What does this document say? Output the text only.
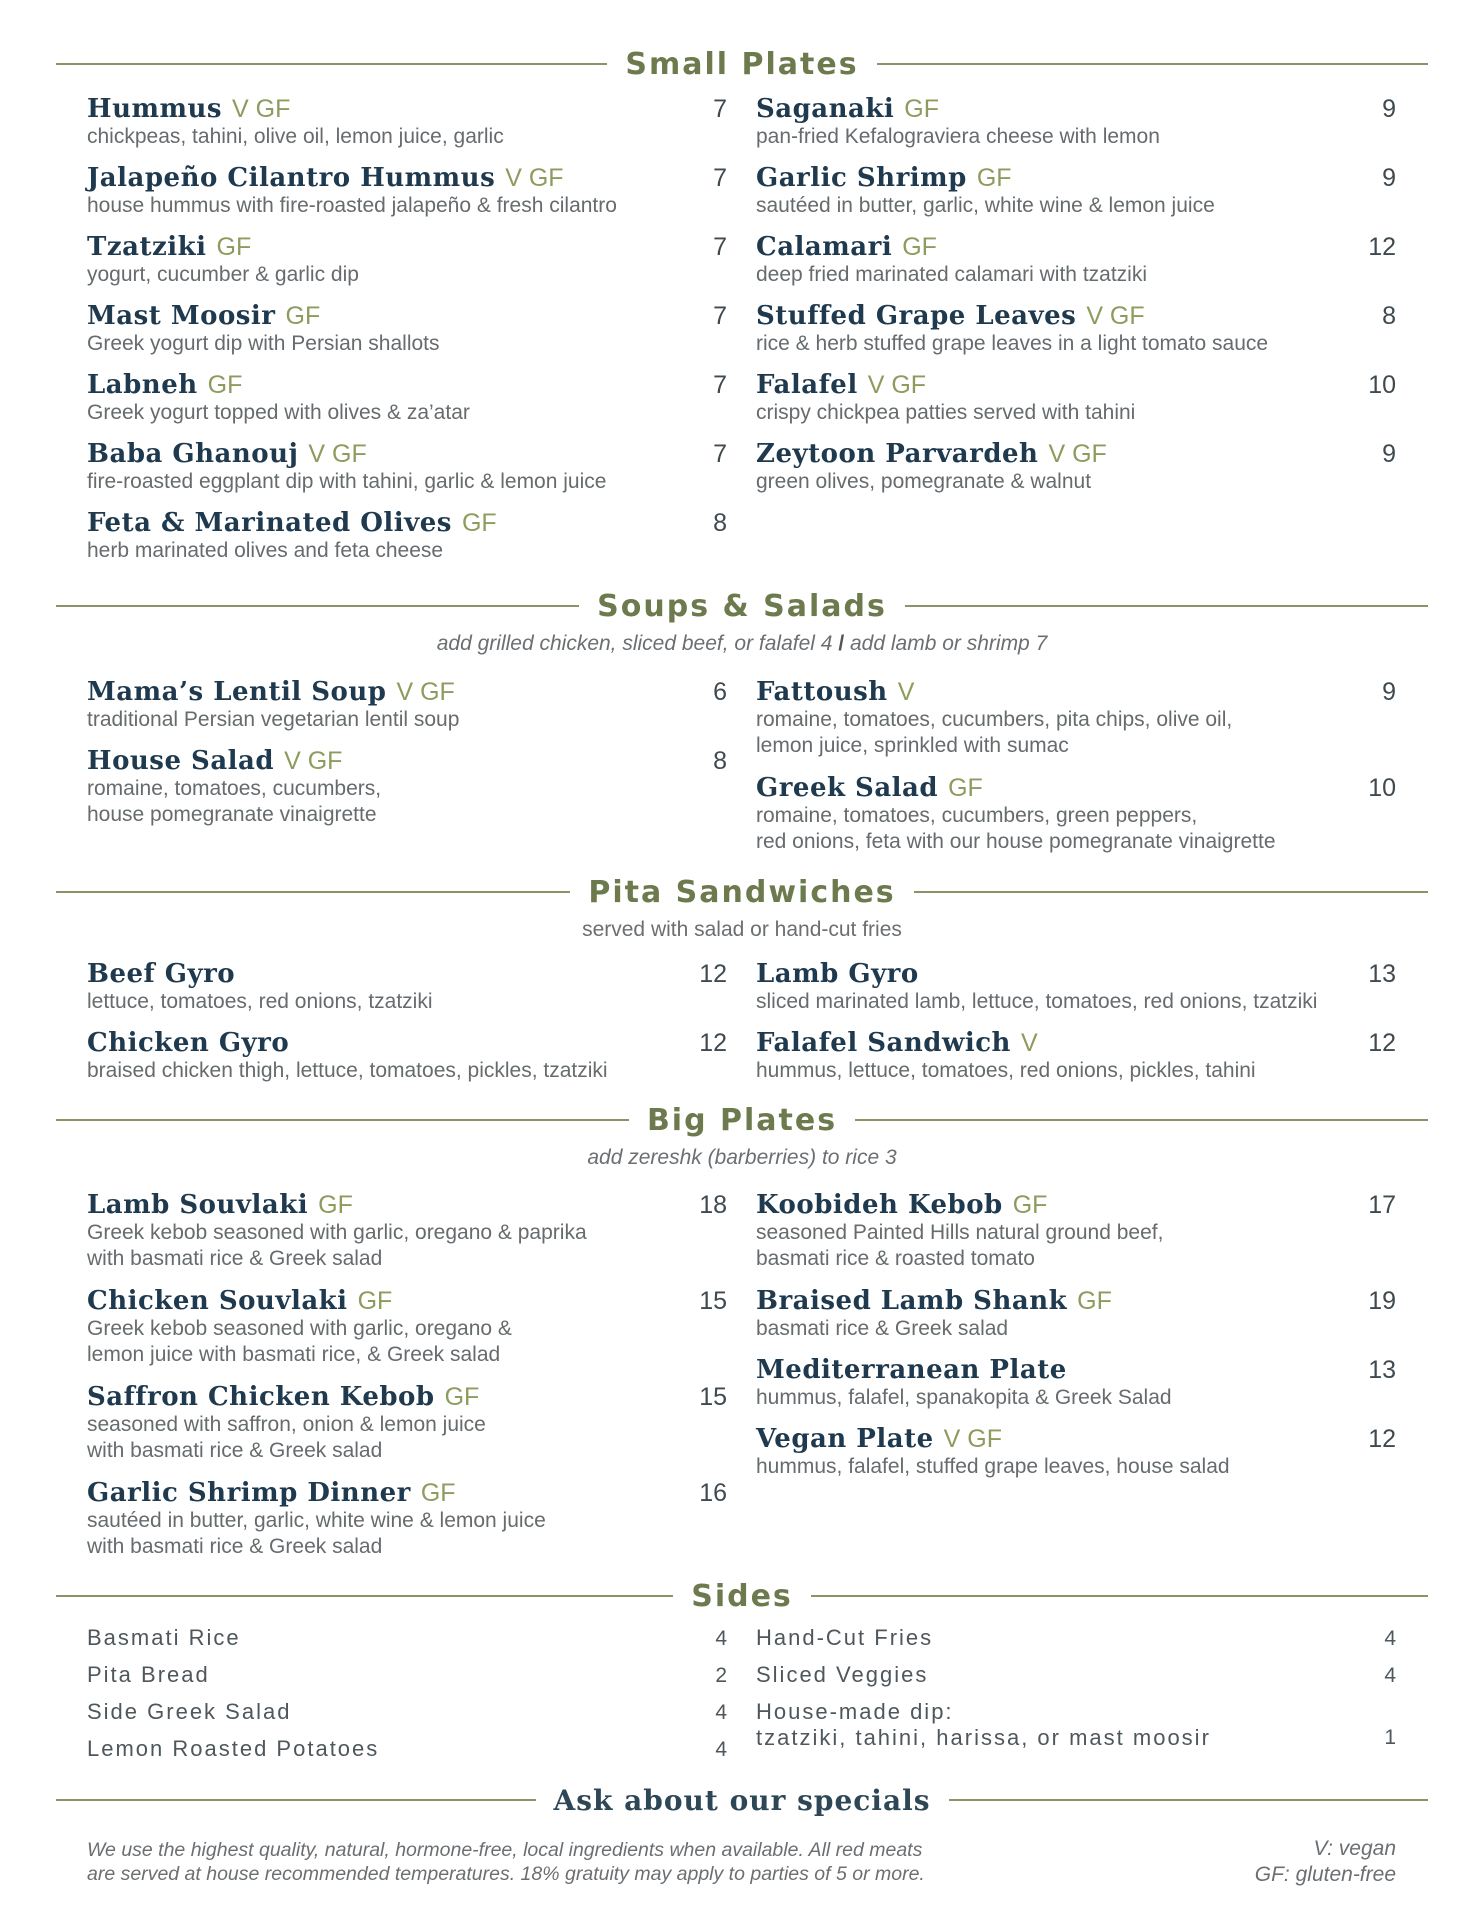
Small Plates
Hummus V GF	7
chickpeas, tahini, olive oil, lemon juice, garlic
Jalapeño Cilantro Hummus V GF	7
house hummus with fire-roasted jalapeño & fresh cilantro
Tzatziki GF	7
yogurt, cucumber & garlic dip
Mast Moosir GF	7
Greek yogurt dip with Persian shallots
Labneh GF	7
Greek yogurt topped with olives & za’atar
Baba Ghanouj V GF	7
fire-roasted eggplant dip with tahini, garlic & lemon juice
Feta & Marinated Olives GF	8
herb marinated olives and feta cheese
Saganaki GF	9
pan-fried Kefalograviera cheese with lemon
Garlic Shrimp GF	9
sautéed in butter, garlic, white wine & lemon juice
Calamari GF	12
deep fried marinated calamari with tzatziki
Stuffed Grape Leaves V GF	8
rice & herb stuffed grape leaves in a light tomato sauce
Falafel V GF	10
crispy chickpea patties served with tahini
Zeytoon Parvardeh V GF	9
green olives, pomegranate & walnut
Soups & Salads
add grilled chicken, sliced beef, or falafel 4 / add lamb or shrimp 7
Mama’s Lentil Soup V GF	6
traditional Persian vegetarian lentil soup
House Salad V GF	8
romaine, tomatoes, cucumbers,
house pomegranate vinaigrette
Fattoush V	9
romaine, tomatoes, cucumbers, pita chips, olive oil,
lemon juice, sprinkled with sumac
Greek Salad GF	10
romaine, tomatoes, cucumbers, green peppers,
red onions, feta with our house pomegranate vinaigrette
Pita Sandwiches
served with salad or hand-cut fries
Beef Gyro	12
lettuce, tomatoes, red onions, tzatziki
Chicken Gyro	12
braised chicken thigh, lettuce, tomatoes, pickles, tzatziki
Lamb Gyro	13
sliced marinated lamb, lettuce, tomatoes, red onions, tzatziki
Falafel Sandwich V	12
hummus, lettuce, tomatoes, red onions, pickles, tahini
Big Plates
add zereshk (barberries) to rice 3
Lamb Souvlaki GF	18
Greek kebob seasoned with garlic, oregano & paprika
with basmati rice & Greek salad
Chicken Souvlaki GF	15
Greek kebob seasoned with garlic, oregano &
lemon juice with basmati rice, & Greek salad
Saffron Chicken Kebob GF	15
seasoned with saffron, onion & lemon juice
with basmati rice & Greek salad
Garlic Shrimp Dinner GF	16
sautéed in butter, garlic, white wine & lemon juice
with basmati rice & Greek salad
Koobideh Kebob GF	17
seasoned Painted Hills natural ground beef,
basmati rice & roasted tomato
Braised Lamb Shank GF	19
basmati rice & Greek salad
Mediterranean Plate	13
hummus, falafel, spanakopita & Greek Salad
Vegan Plate V GF	12
hummus, falafel, stuffed grape leaves, house salad
Sides
Basmati Rice	4
Pita Bread	2
Side Greek Salad	4
Lemon Roasted Potatoes	4
Hand-Cut Fries	4
Sliced Veggies	4
House-made dip:
tzatziki, tahini, harissa, or mast moosir	1
Ask about our specials
We use the highest quality, natural, hormone-free, local ingredients when available. All red meats
are served at house recommended temperatures. 18% gratuity may apply to parties of 5 or more.
V: vegan
GF: gluten-free
